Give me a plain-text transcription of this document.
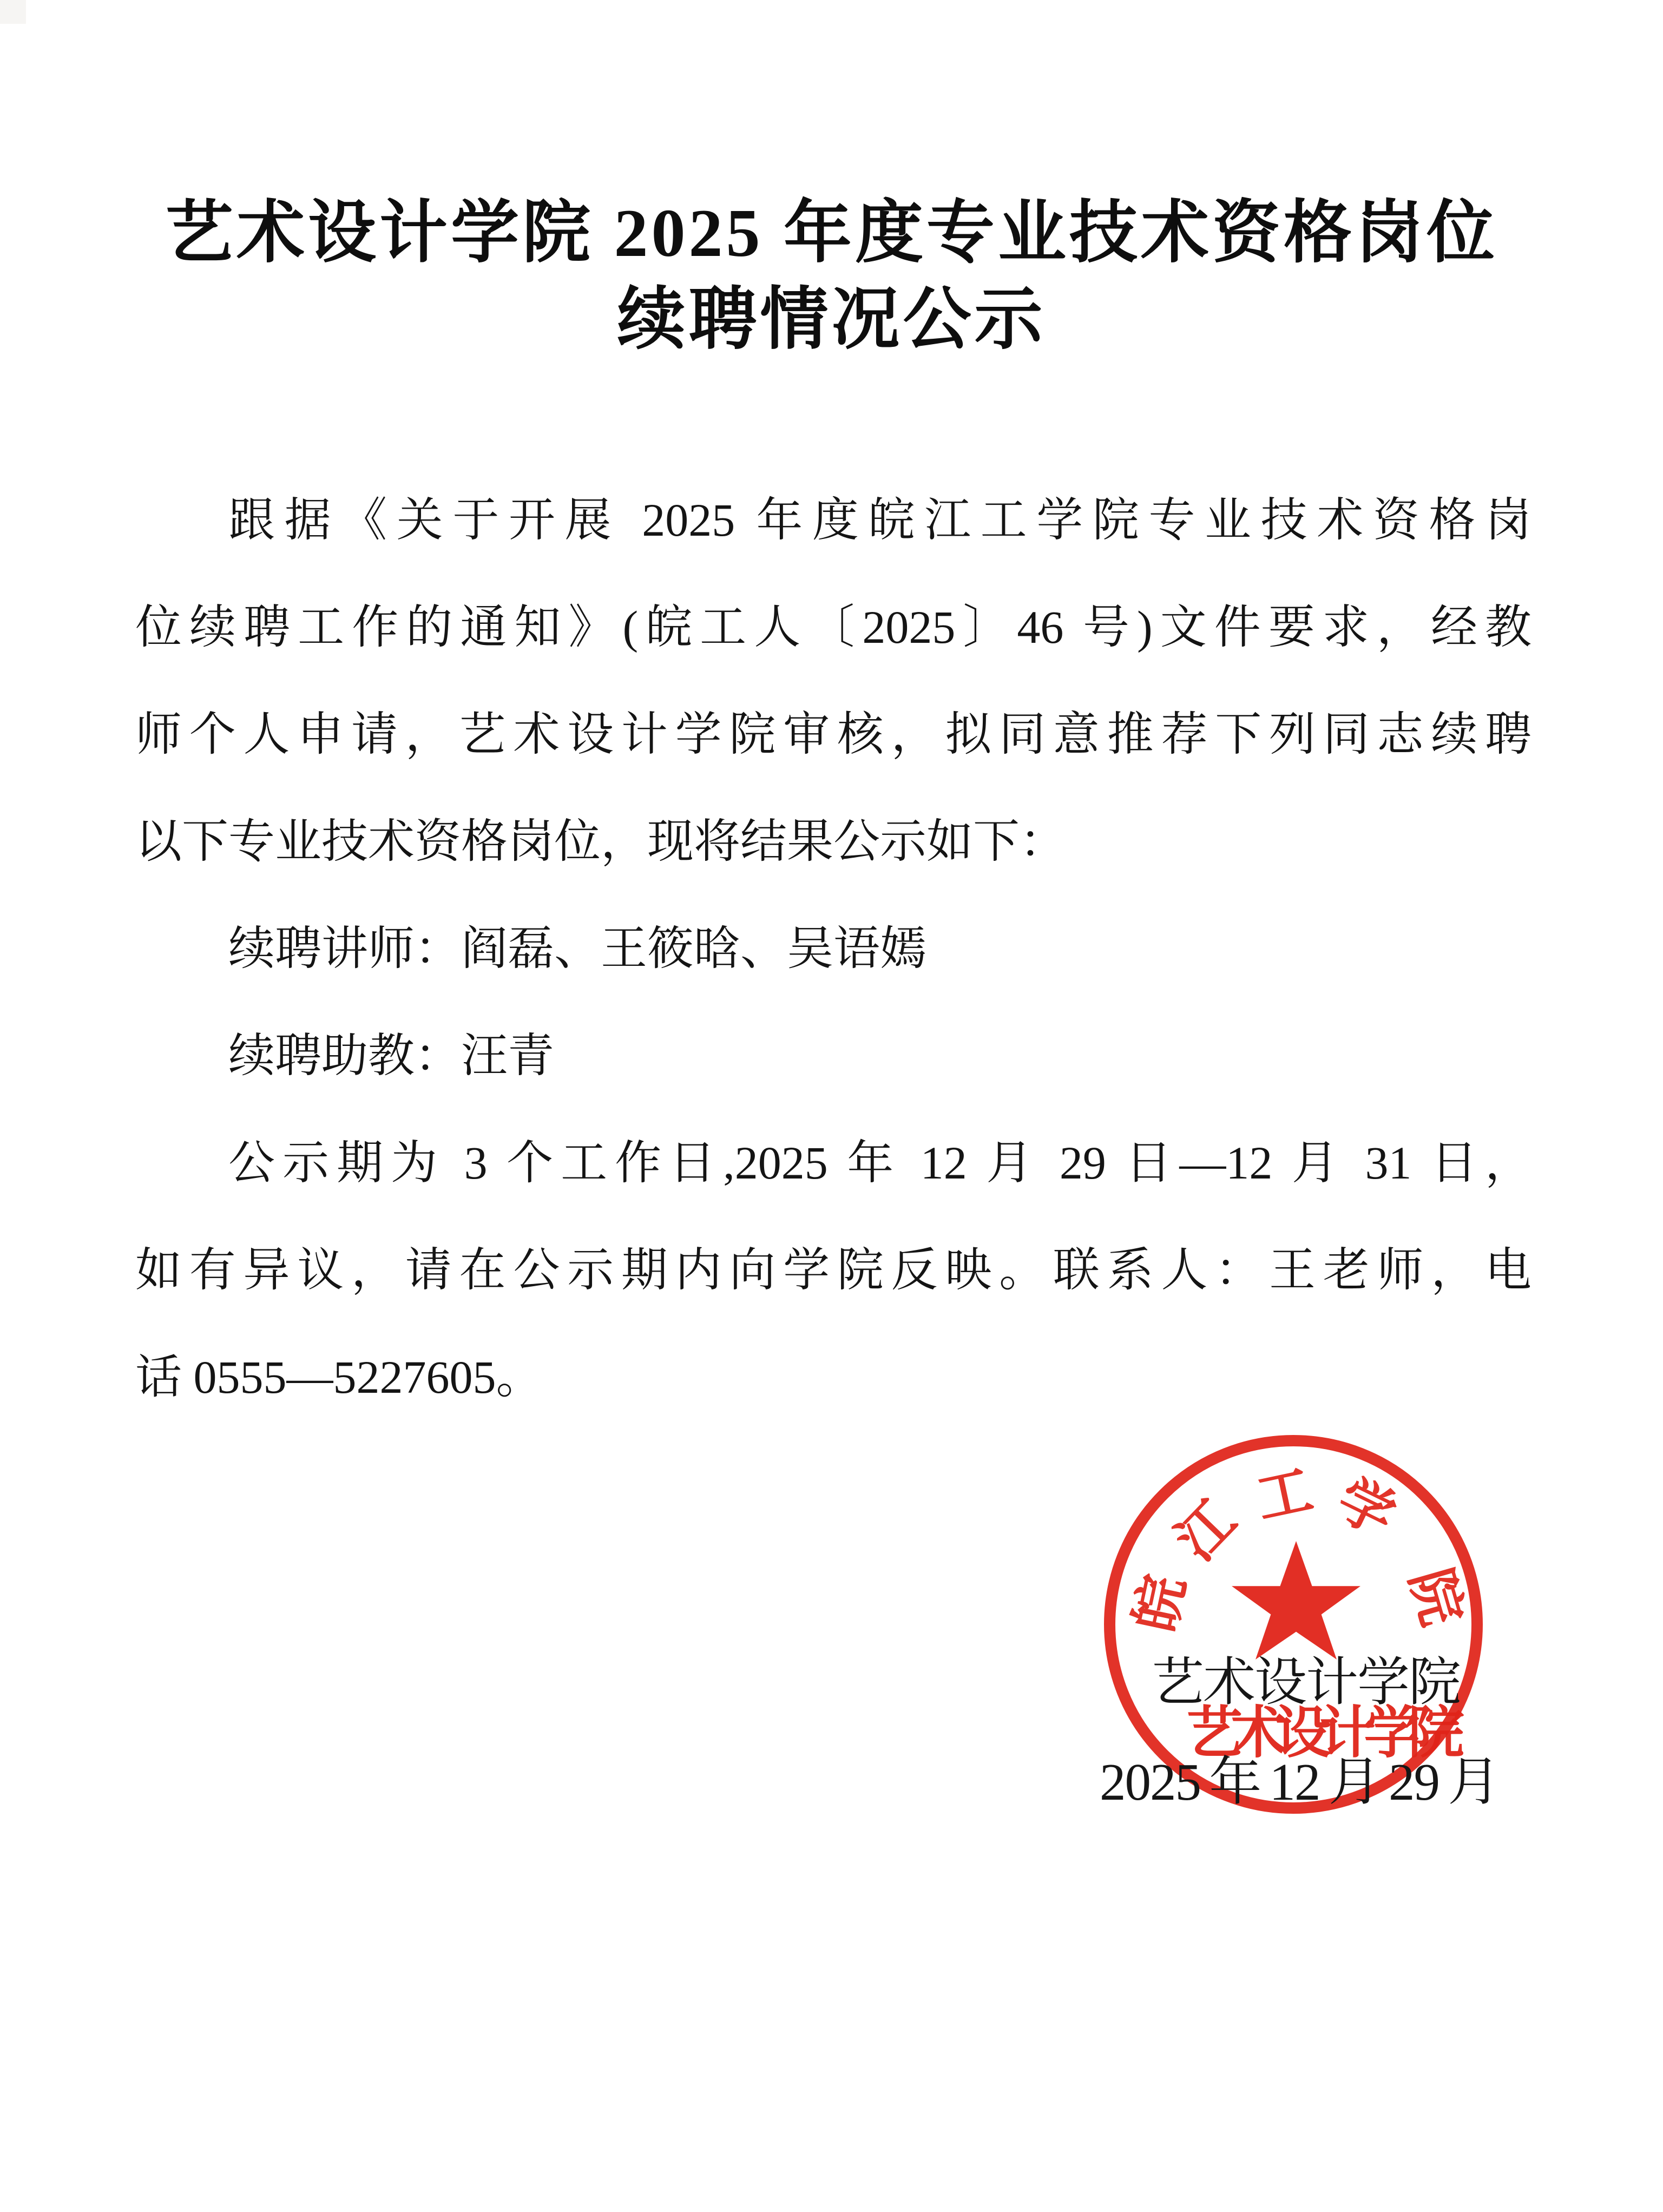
艺术设计学院 2025 年度专业技术资格岗位
续聘情况公示
跟据《关于开展 2025 年度皖江工学院专业技术资格岗
位续聘工作的通知》(皖工人〔2025〕46 号)文件要求，经教
师个人申请，艺术设计学院审核，拟同意推荐下列同志续聘
以下专业技术资格岗位，现将结果公示如下：
续聘讲师：阎磊、王筱晗、吴语嫣
续聘助教：汪青
公示期为 3 个工作日,2025 年 12 月 29 日—12 月 31 日，
如有异议，请在公示期内向学院反映。联系人：王老师，电
话 0555—5227605。
皖
江 工 学
院
艺术设计学院
艺术设计学院
2025 年 12 月 29 月
